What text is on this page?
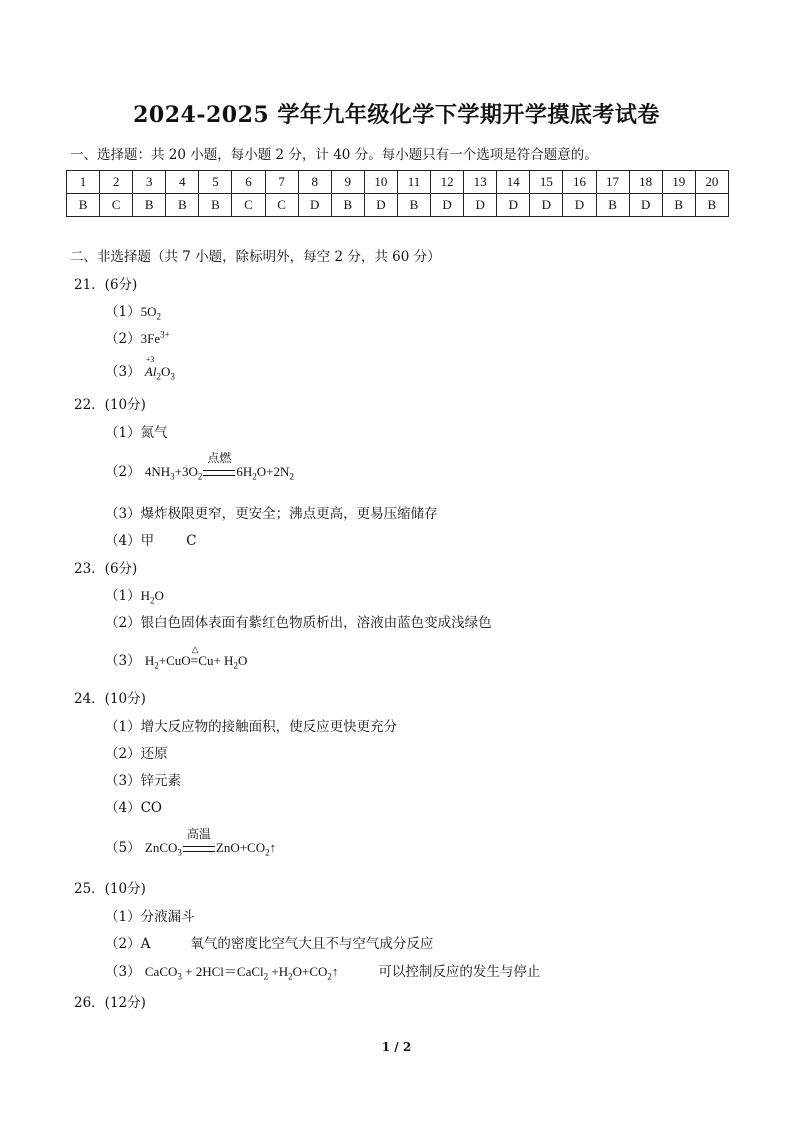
2024-2025 学年九年级化学下学期开学摸底考试卷
一、选择题：共 20 小题，每小题 2 分，计 40 分。每小题只有一个选项是符合题意的。
1	2	3	4	5	6	7	8	9	10	11	12	13	14	15	16	17	18	19	20
B	C	B	B	B	C	C	D	B	D	B	D	D	D	D	D	B	D	B	B
二、非选择题（共 7 小题，除标明外，每空 2 分，共 60 分）
21．(6分)
$(1)5O_2$
$(2)3Fe^{3+}$
（3）
+3
$Al_2O_3$
22．(10分)
（1）氮气
（2） $4NH_3+3O_2$
点燃
$6H_2O+2N_2$
（3）爆炸极限更窄，更安全；沸点更高，更易压缩储存
（4）甲 C
23．(6分)
$(1)H_2O$
（2）银白色固体表面有紫红色物质析出，溶液由蓝色变成浅绿色
（3） $H_2+CuO$
△
$=Cu+ H_2O$
24．(10分)
（1）增大反应物的接触面积，使反应更快更充分
（2）还原
（3）锌元素
（4）CO
（5） ZnCO$_3$
高温
$ZnO+CO_2↑$
25．(10分)
（1）分液漏斗
（2）A	氧气的密度比空气大且不与空气成分反应
（3） CaCO$_3$ + 2HCl＝CaCl$_2$ $+H_2O+CO_2↑$	可以控制反应的发生与停止
26．(12分)
1 / 2
